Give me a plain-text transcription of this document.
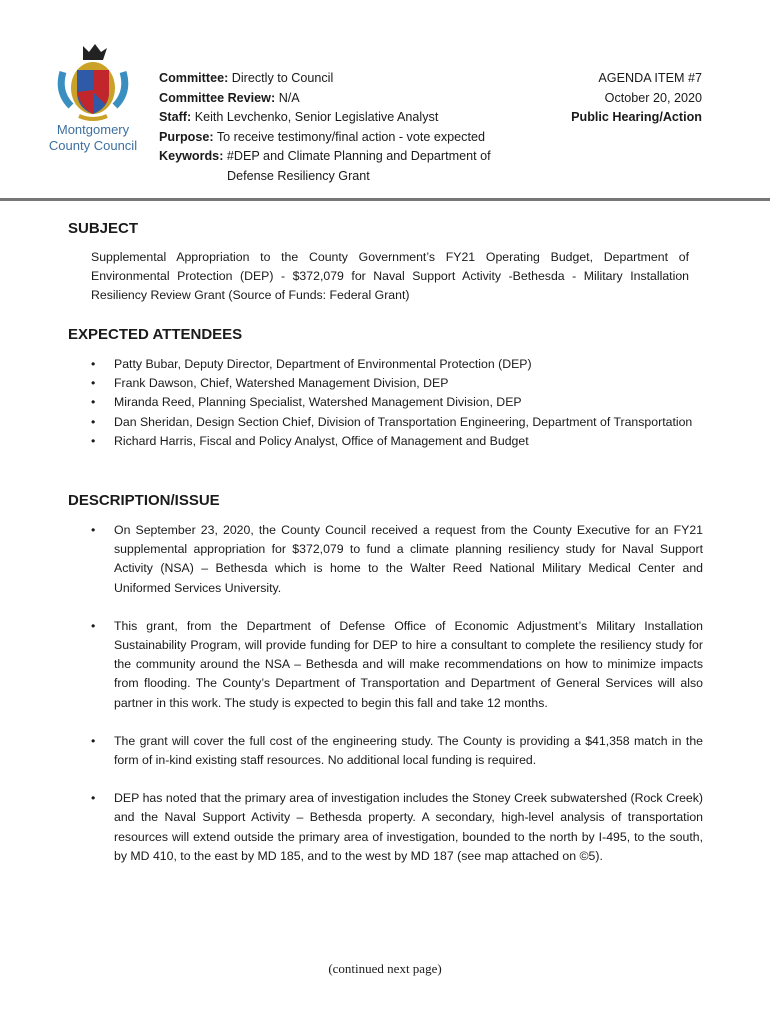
Montgomery
County Council
Committee: Directly to Council
Committee Review: N/A
Staff: Keith Levchenko, Senior Legislative Analyst
Purpose: To receive testimony/final action - vote expected
Keywords: #DEP and Climate Planning and Department of
Defense Resiliency Grant
AGENDA ITEM #7
October 20, 2020
Public Hearing/Action
SUBJECT
Supplemental Appropriation to the County Government’s FY21 Operating Budget, Department of Environmental Protection (DEP) - $372,079 for Naval Support Activity -Bethesda - Military Installation Resiliency Review Grant (Source of Funds: Federal Grant)
EXPECTED ATTENDEES
• Patty Bubar, Deputy Director, Department of Environmental Protection (DEP)
• Frank Dawson, Chief, Watershed Management Division, DEP
• Miranda Reed, Planning Specialist, Watershed Management Division, DEP
• Dan Sheridan, Design Section Chief, Division of Transportation Engineering, Department of Transportation
• Richard Harris, Fiscal and Policy Analyst, Office of Management and Budget
DESCRIPTION/ISSUE
• On September 23, 2020, the County Council received a request from the County Executive for an FY21 supplemental appropriation for $372,079 to fund a climate planning resiliency study for Naval Support Activity (NSA) – Bethesda which is home to the Walter Reed National Military Medical Center and Uniformed Services University.
• This grant, from the Department of Defense Office of Economic Adjustment’s Military Installation Sustainability Program, will provide funding for DEP to hire a consultant to complete the resiliency study for the community around the NSA – Bethesda and will make recommendations on how to minimize impacts from flooding. The County’s Department of Transportation and Department of General Services will also partner in this work. The study is expected to begin this fall and take 12 months.
• The grant will cover the full cost of the engineering study. The County is providing a $41,358 match in the form of in-kind existing staff resources. No additional local funding is required.
• DEP has noted that the primary area of investigation includes the Stoney Creek subwatershed (Rock Creek) and the Naval Support Activity – Bethesda property. A secondary, high-level analysis of transportation resources will extend outside the primary area of investigation, bounded to the north by I-495, to the south, by MD 410, to the east by MD 185, and to the west by MD 187 (see map attached on ©5).
(continued next page)
